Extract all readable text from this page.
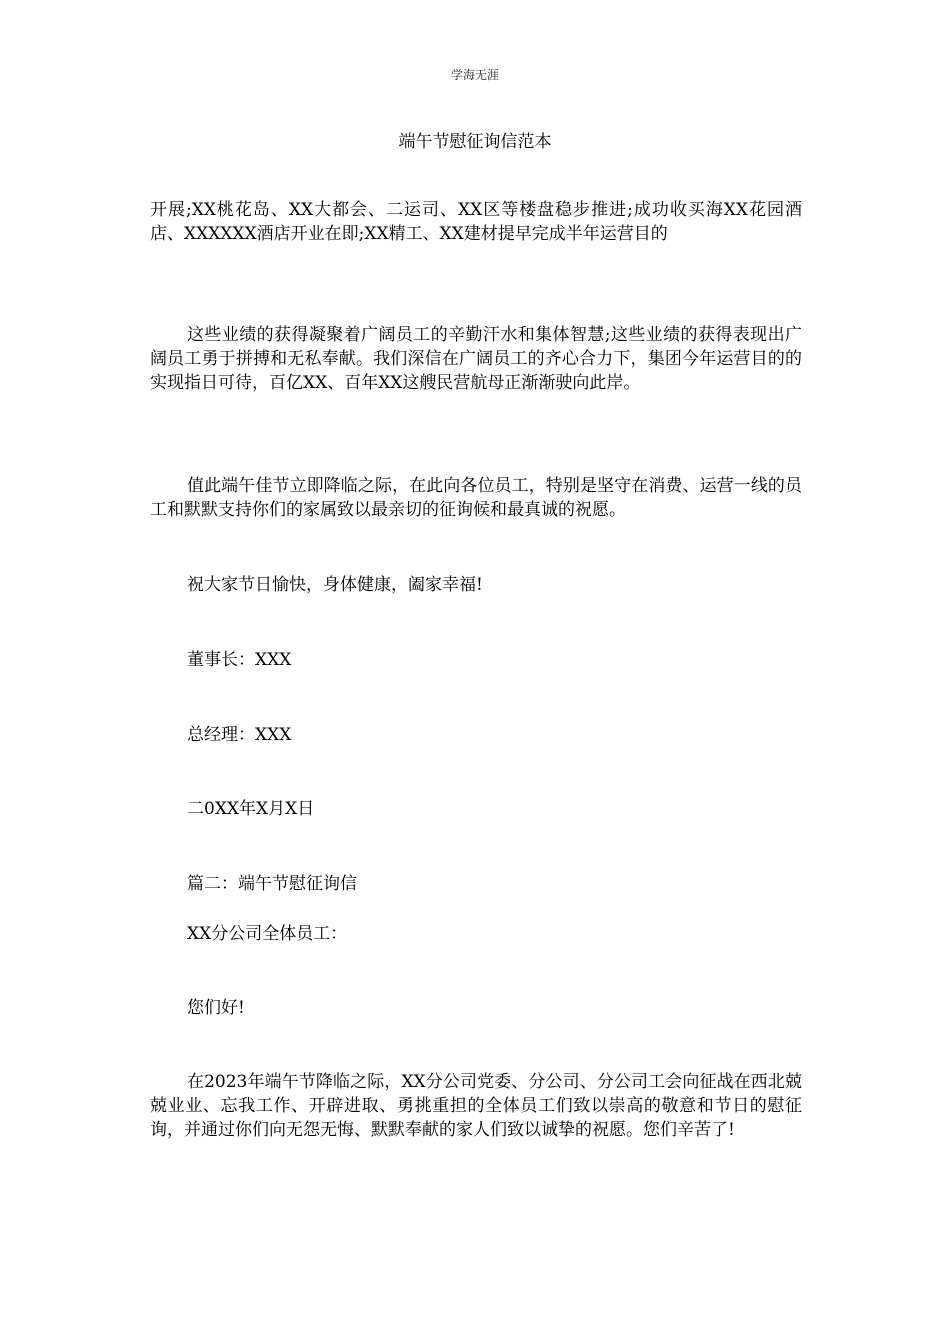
学海无涯
端午节慰征询信范本

开展;XX桃花岛、XX大都会、二运司、XX区等楼盘稳步推进;成功收买海XX花园酒店、XXXXXX酒店开业在即;XX精工、XX建材提早完成半年运营目的

这些业绩的获得凝聚着广阔员工的辛勤汗水和集体智慧;这些业绩的获得表现出广阔员工勇于拼搏和无私奉献。我们深信在广阔员工的齐心合力下，集团今年运营目的的实现指日可待，百亿XX、百年XX这艘民营航母正渐渐驶向此岸。

值此端午佳节立即降临之际，在此向各位员工，特别是坚守在消费、运营一线的员工和默默支持你们的家属致以最亲切的征询候和最真诚的祝愿。

祝大家节日愉快，身体健康，阖家幸福!

董事长：XXX

总经理：XXX

二0XX年X月X日

篇二：端午节慰征询信

XX分公司全体员工：

您们好!

在2023年端午节降临之际，XX分公司党委、分公司、分公司工会向征战在西北兢兢业业、忘我工作、开辟进取、勇挑重担的全体员工们致以崇高的敬意和节日的慰征询，并通过你们向无怨无悔、默默奉献的家人们致以诚挚的祝愿。您们辛苦了!
